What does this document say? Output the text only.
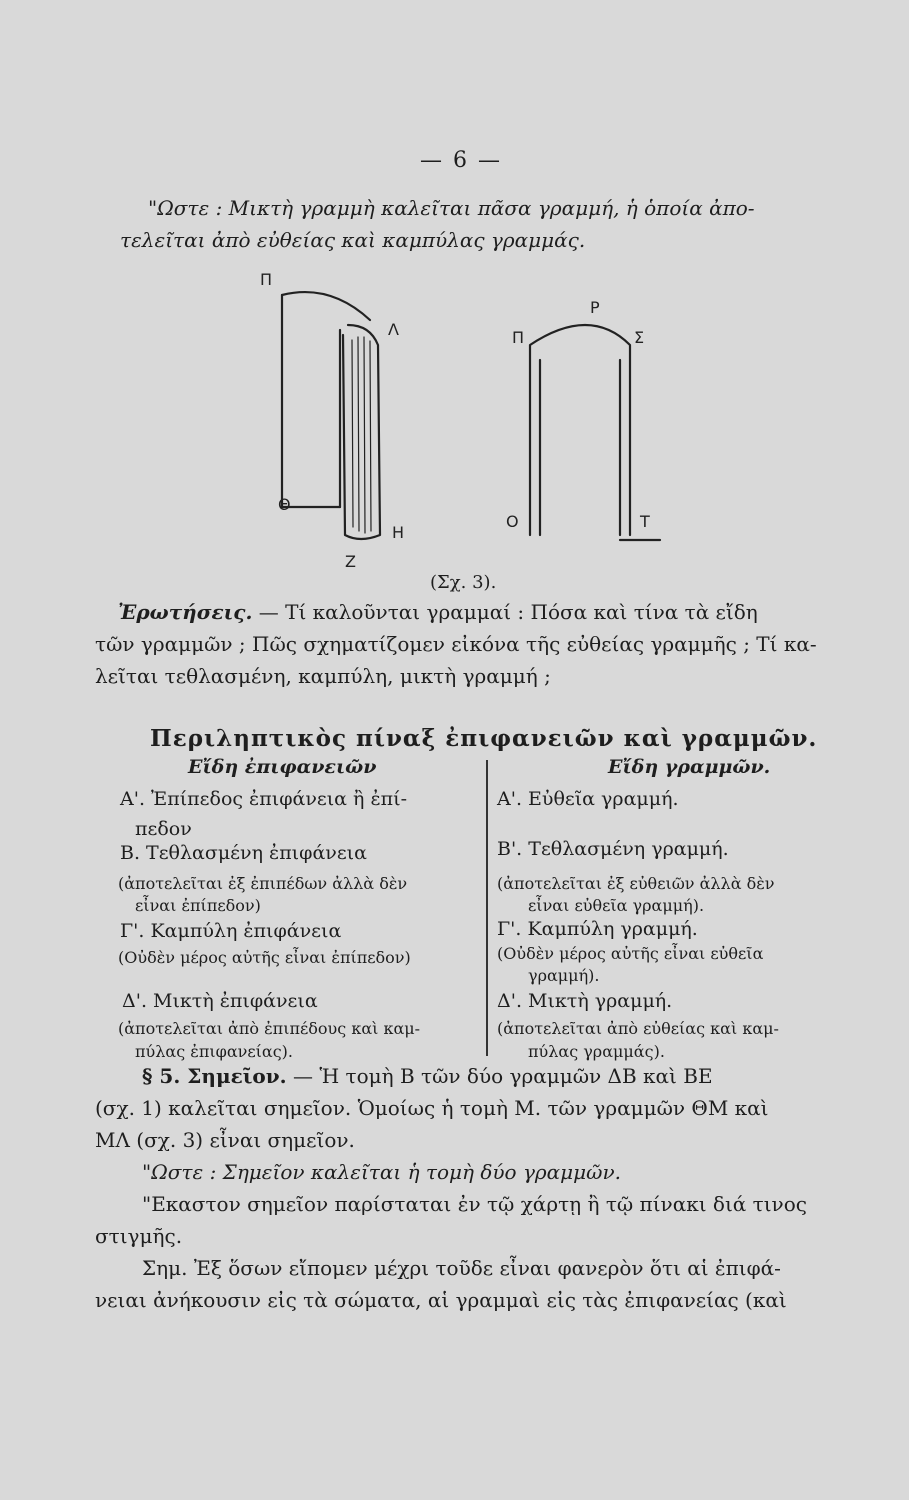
— 6 —
"Ωστε : Μικτὴ γραμμὴ καλεῖται πᾶσα γραμμή, ἡ ὁποία ἀπο-
τελεῖται ἀπὸ εὐθείας καὶ καμπύλας γραμμάς.
Π
Λ
Θ
Η
Ζ
Π
Ρ
Σ
Ο	Τ
(Σχ. 3).
Ἐρωτήσεις. — Τί καλοῦνται γραμμαί : Πόσα καὶ τίνα τὰ εἴδη
τῶν γραμμῶν ; Πῶς σχηματίζομεν εἰκόνα τῆς εὐθείας γραμμῆς ; Τί κα-
λεῖται τεθλασμένη, καμπύλη, μικτὴ γραμμή ;
Περιληπτικὸς πίναξ ἐπιφανειῶν καὶ γραμμῶν.
Εἴδη ἐπιφανειῶν	Εἴδη γραμμῶν.
Α'. Ἐπίπεδος ἐπιφάνεια ἢ ἐπί-
πεδον
Β. Τεθλασμένη ἐπιφάνεια
(ἀποτελεῖται ἐξ ἐπιπέδων ἀλλὰ δὲν
εἶναι ἐπίπεδον)
Γ'. Καμπύλη ἐπιφάνεια
(Οὐδὲν μέρος αὐτῆς εἶναι ἐπίπεδον)
Δ'. Μικτὴ ἐπιφάνεια
(ἀποτελεῖται ἀπὸ ἐπιπέδους καὶ καμ-
πύλας ἐπιφανείας).
Α'. Εὐθεῖα γραμμή.
Β'. Τεθλασμένη γραμμή.
(ἀποτελεῖται ἐξ εὐθειῶν ἀλλὰ δὲν
εἶναι εὐθεῖα γραμμή).
Γ'. Καμπύλη γραμμή.
(Οὐδὲν μέρος αὐτῆς εἶναι εὐθεῖα
γραμμή).
Δ'. Μικτὴ γραμμή.
(ἀποτελεῖται ἀπὸ εὐθείας καὶ καμ-
πύλας γραμμάς).
§ 5. Σημεῖον. — Ἡ τομὴ Β τῶν δύο γραμμῶν ΔΒ καὶ ΒΕ
(σχ. 1) καλεῖται σημεῖον. Ὁμοίως ἡ τομὴ Μ. τῶν γραμμῶν ΘΜ καὶ
ΜΛ (σχ. 3) εἶναι σημεῖον.
"Ωστε : Σημεῖον καλεῖται ἡ τομὴ δύο γραμμῶν.
"Εκαστον σημεῖον παρίσταται ἐν τῷ χάρτῃ ἢ τῷ πίνακι διά τινος
στιγμῆς.
Σημ. Ἐξ ὅσων εἴπομεν μέχρι τοῦδε εἶναι φανερὸν ὅτι αἱ ἐπιφά-
νειαι ἀνήκουσιν εἰς τὰ σώματα, αἱ γραμμαὶ εἰς τὰς ἐπιφανείας (καὶ
